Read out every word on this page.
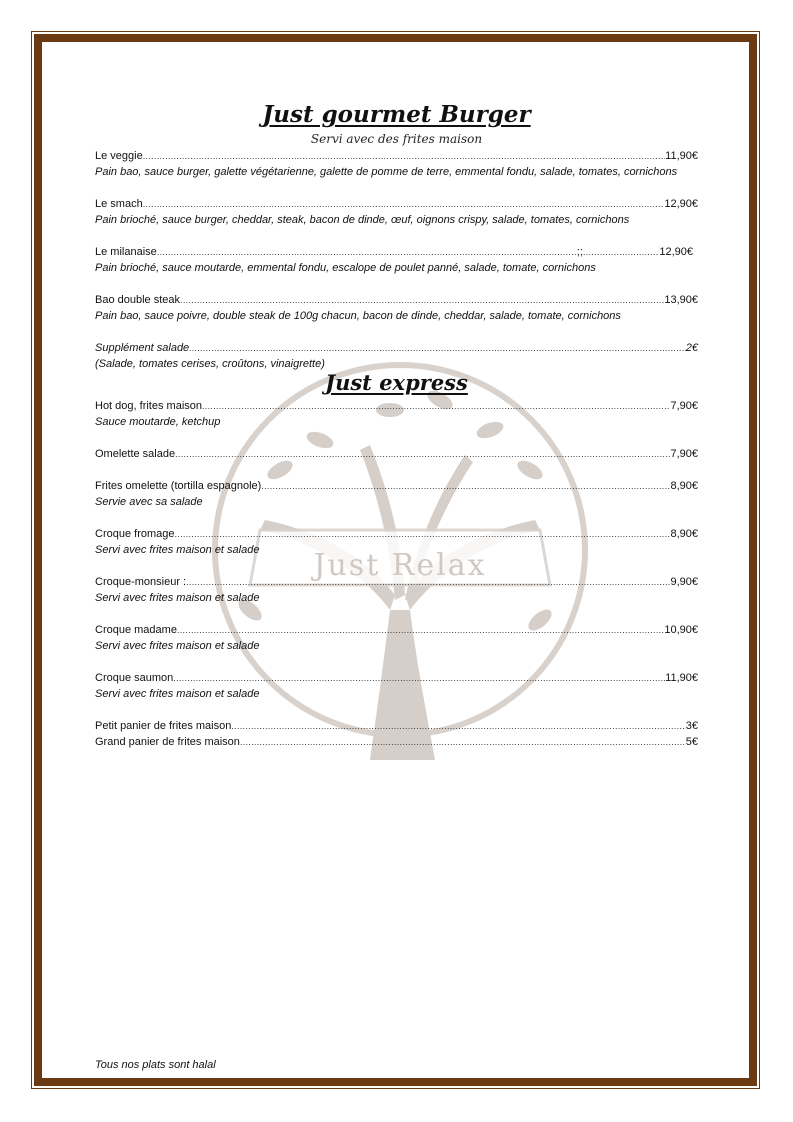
Just Relax
Just gourmet Burger
Servi avec des frites maison
Le veggie .....	11,90€
Pain bao, sauce burger, galette végétarienne, galette de pomme de terre, emmental fondu, salade, tomates, cornichons
Le smach .....	12,90€
Pain brioché, sauce burger, cheddar, steak, bacon de dinde, œuf, oignons crispy, salade, tomates, cornichons
Le milanaise .....	;; .....	12,90€
Pain brioché, sauce moutarde, emmental fondu, escalope de poulet panné, salade, tomate, cornichons
Bao double steak .....	13,90€
Pain bao, sauce poivre, double steak de 100g chacun, bacon de dinde, cheddar, salade, tomate, cornichons
Supplément salade .....	2€
(Salade, tomates cerises, croûtons, vinaigrette)
Just express
Hot dog, frites maison .....	7,90€
Sauce moutarde, ketchup
Omelette salade .....	7,90€
Frites omelette (tortilla espagnole) .....	8,90€
Servie avec sa salade
Croque fromage .....	8,90€
Servi avec frites maison et salade
Croque-monsieur : .....	9,90€
Servi avec frites maison et salade
Croque madame .....	10,90€
Servi avec frites maison et salade
Croque saumon .....	11,90€
Servi avec frites maison et salade
Petit panier de frites maison .....	3€
Grand panier de frites maison .....	5€
Tous nos plats sont halal
